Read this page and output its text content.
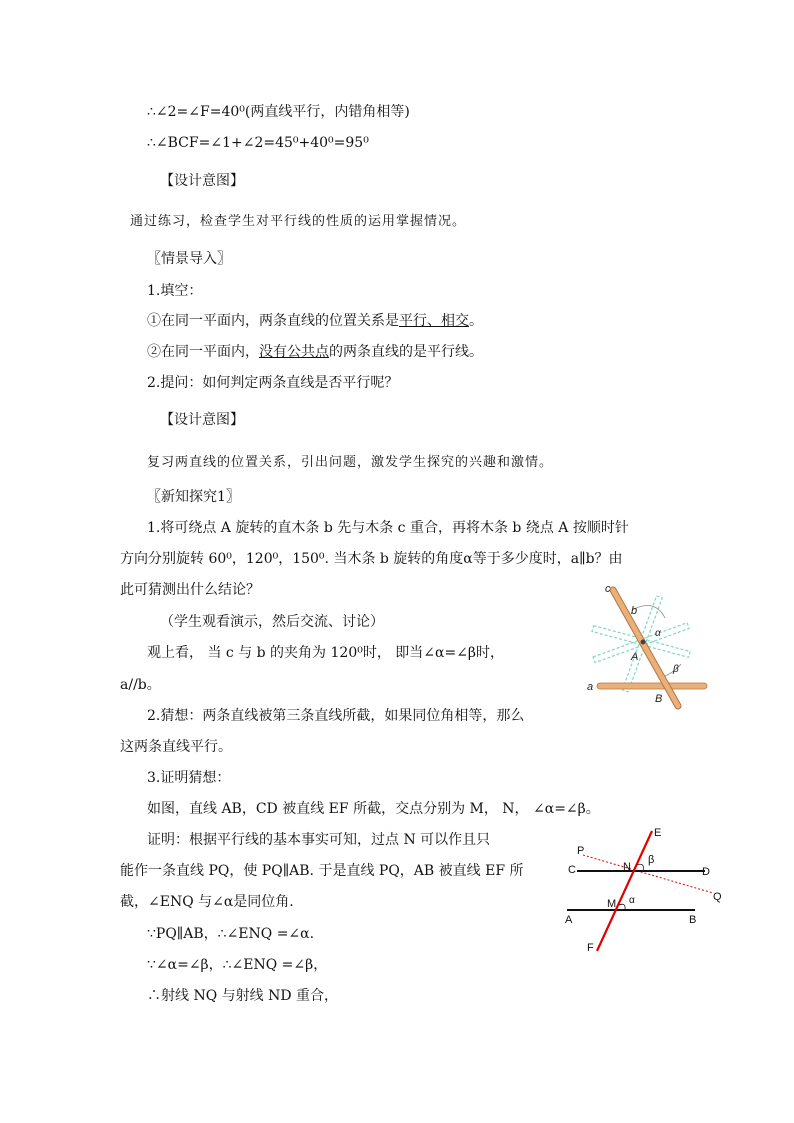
∴∠2=∠F=40⁰(两直线平行，内错角相等)
∴∠BCF=∠1+∠2=45⁰+40⁰=95⁰
【设计意图】
通过练习，检查学生对平行线的性质的运用掌握情况。
〖情景导入〗
1.填空：
①在同一平面内，两条直线的位置关系是平行、相交。
②在同一平面内，没有公共点的两条直线的是平行线。
2.提问：如何判定两条直线是否平行呢？
【设计意图】
复习两直线的位置关系，引出问题，激发学生探究的兴趣和激情。
〖新知探究1〗
1.将可绕点 A 旋转的直木条 b 先与木条 c 重合，再将木条 b 绕点 A 按顺时针
方向分别旋转 60⁰，120⁰，150⁰. 当木条 b 旋转的角度α等于多少度时，a∥b？由
此可猜测出什么结论？
（学生观看演示，然后交流、讨论）
观上看， 当 c 与 b 的夹角为 120⁰时， 即当∠α=∠β时，
a//b。
2.猜想：两条直线被第三条直线所截，如果同位角相等，那么
这两条直线平行。
3.证明猜想：
如图，直线 AB，CD 被直线 EF 所截，交点分别为 M， N， ∠α=∠β。
证明：根据平行线的基本事实可知，过点 N 可以作且只
能作一条直线 PQ，使 PQ∥AB. 于是直线 PQ，AB 被直线 EF 所
截，∠ENQ 与∠α是同位角.
∵PQ∥AB，∴∠ENQ =∠α.
∵∠α=∠β，∴∠ENQ =∠β，
∴射线 NQ 与射线 ND 重合，
c
b
α
A
β
a
B
E
P
C	N
β
D
Q
M α
A	B
F
